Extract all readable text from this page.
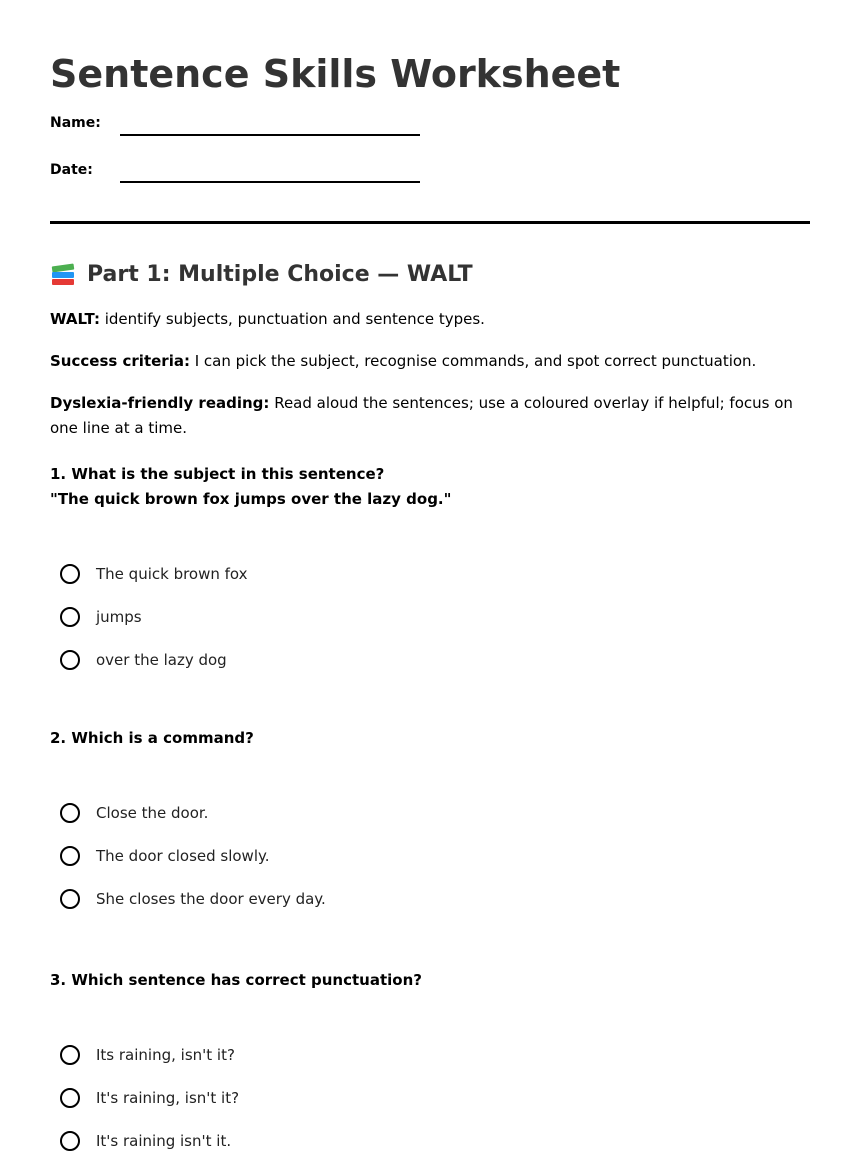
Sentence Skills Worksheet
Name:
Date:
Part 1: Multiple Choice — WALT

WALT: identify subjects, punctuation and sentence types.

Success criteria: I can pick the subject, recognise commands, and spot correct punctuation.

Dyslexia-friendly reading: Read aloud the sentences; use a coloured overlay if helpful; focus on one line at a time.

1. What is the subject in this sentence?
"The quick brown fox jumps over the lazy dog."
The quick brown fox
jumps
over the lazy dog
2. Which is a command?
Close the door.
The door closed slowly.
She closes the door every day.
3. Which sentence has correct punctuation?
Its raining, isn't it?
It's raining, isn't it?
It's raining isn't it.
